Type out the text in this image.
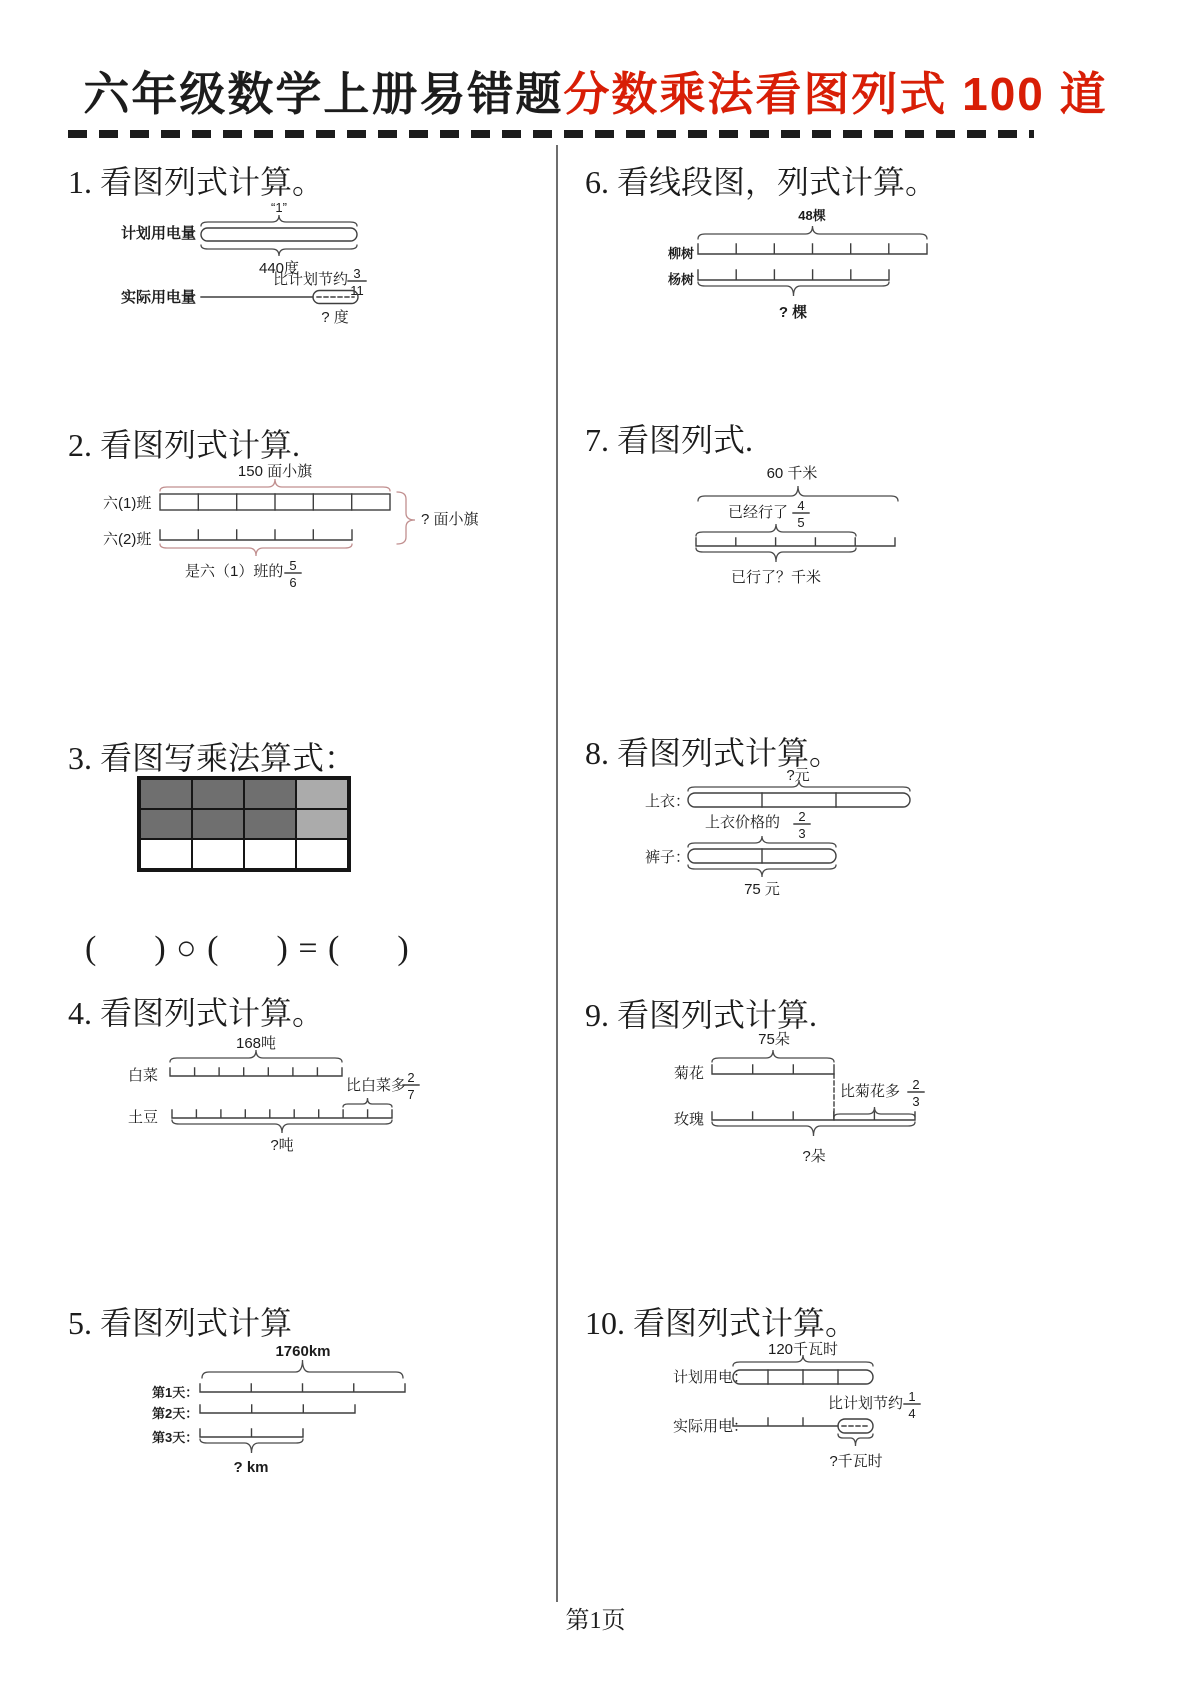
六年级数学上册易错题分数乘法看图列式 100 道
1. 看图列式计算。
计划用电量
“1”
440度
比计划节约 3
11
实际用电量
? 度
2. 看图列式计算.
150 面小旗
六(1)班
六(2)班
? 面小旗
是六（1）班的 5
6
3. 看图写乘法算式：
(      ) ○ (      ) = (      )
4. 看图列式计算。
168吨
白菜
比白菜多 2
7
土豆
?吨
5. 看图列式计算
1760km
第1天：
第2天：
第3天：
? km
6. 看线段图，列式计算。
48棵
柳树
杨树
? 棵
7. 看图列式.
60 千米
已经行了 4
5
已行了？千米
8. 看图列式计算。
?元
上衣：
上衣价格的 2
3
裤子：
75 元
9. 看图列式计算.
75朵
菊花
比菊花多 2
3
玫瑰
?朵
10. 看图列式计算。
120千瓦时
计划用电：
比计划节约 1
4
实际用电：
?千瓦时
第1页
